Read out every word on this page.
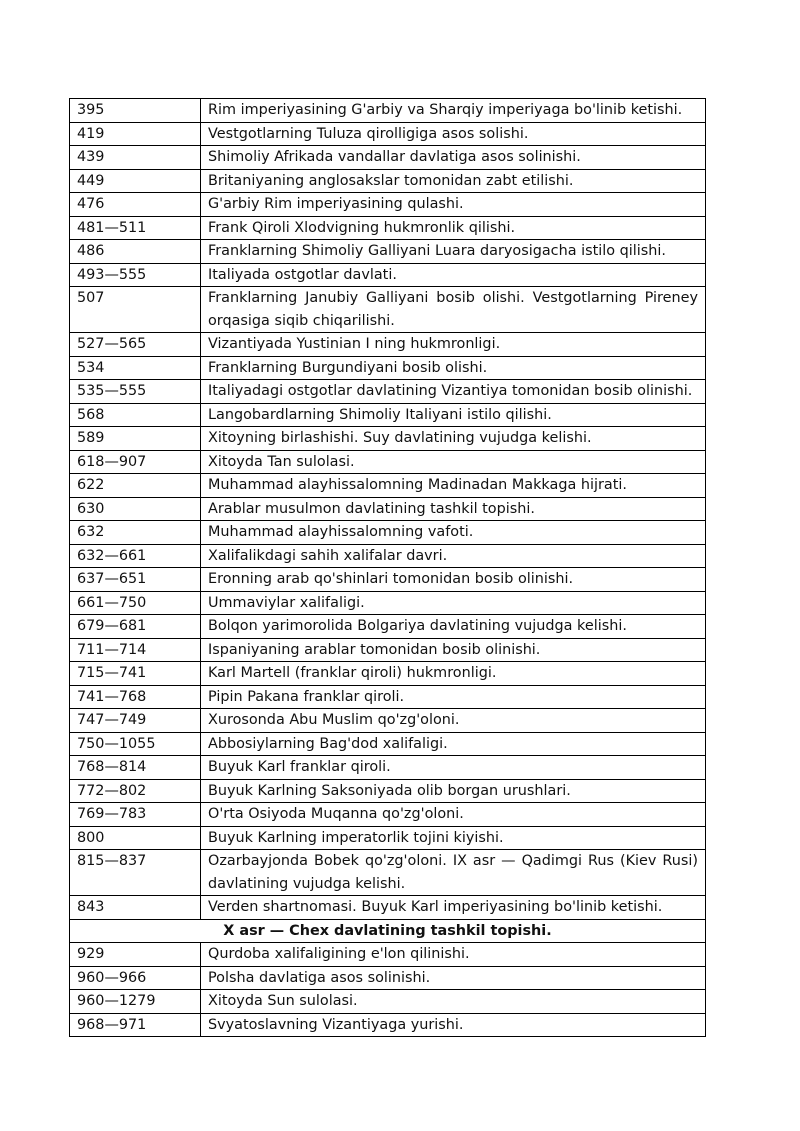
395	Rim imperiyasining G'arbiy va Sharqiy imperiyaga bo'linib ketishi.
419	Vestgotlarning Tuluza qirolligiga asos solishi.
439	Shimoliy Afrikada vandallar davlatiga asos solinishi.
449	Britaniyaning anglosakslar tomonidan zabt etilishi.
476	G'arbiy Rim imperiyasining qulashi.
481—511	Frank Qiroli Xlodvigning hukmronlik qilishi.
486	Franklarning Shimoliy Galliyani Luara daryosigacha istilo qilishi.
493—555	Italiyada ostgotlar davlati.
507	Franklarning Janubiy Galliyani bosib olishi. Vestgotlarning Pireney orqasiga siqib chiqarilishi.
527—565	Vizantiyada Yustinian I ning hukmronligi.
534	Franklarning Burgundiyani bosib olishi.
535—555	Italiyadagi ostgotlar davlatining Vizantiya tomonidan bosib olinishi.
568	Langobardlarning Shimoliy Italiyani istilo qilishi.
589	Xitoyning birlashishi. Suy davlatining vujudga kelishi.
618—907	Xitoyda Tan sulolasi.
622	Muhammad alayhissalomning Madinadan Makkaga hijrati.
630	Arablar musulmon davlatining tashkil topishi.
632	Muhammad alayhissalomning vafoti.
632—661	Xalifalikdagi sahih xalifalar davri.
637—651	Eronning arab qo'shinlari tomonidan bosib olinishi.
661—750	Ummaviylar xalifaligi.
679—681	Bolqon yarimorolida Bolgariya davlatining vujudga kelishi.
711—714	Ispaniyaning arablar tomonidan bosib olinishi.
715—741	Karl Martell (franklar qiroli) hukmronligi.
741—768	Pipin Pakana franklar qiroli.
747—749	Xurosonda Abu Muslim qo'zg'oloni.
750—1055	Abbosiylarning Bag'dod xalifaligi.
768—814	Buyuk Karl franklar qiroli.
772—802	Buyuk Karlning Saksoniyada olib borgan urushlari.
769—783	O'rta Osiyoda Muqanna qo'zg'oloni.
800	Buyuk Karlning imperatorlik tojini kiyishi.
815—837	Ozarbayjonda Bobek qo'zg'oloni. IX asr — Qadimgi Rus (Kiev Rusi) davlatining vujudga kelishi.
843	Verden shartnomasi. Buyuk Karl imperiyasining bo'linib ketishi.
X asr — Chex davlatining tashkil topishi.	
929	Qurdoba xalifaligining e'lon qilinishi.
960—966	Polsha davlatiga asos solinishi.
960—1279	Xitoyda Sun sulolasi.
968—971	Svyatoslavning Vizantiyaga yurishi.
